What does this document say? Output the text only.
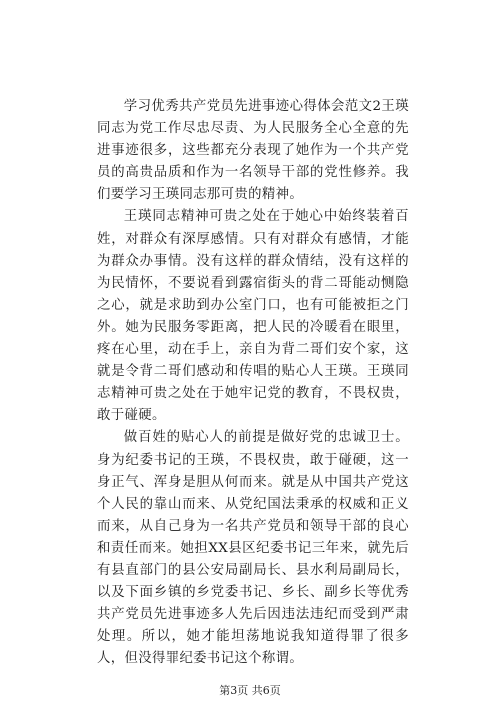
学习优秀共产党员先进事迹心得体会范文2王瑛同志为党工作尽忠尽责、为人民服务全心全意的先进事迹很多，这些都充分表现了她作为一个共产党员的高贵品质和作为一名领导干部的党性修养。我们要学习王瑛同志那可贵的精神。

王瑛同志精神可贵之处在于她心中始终装着百姓，对群众有深厚感情。只有对群众有感情，才能为群众办事情。没有这样的群众情结，没有这样的为民情怀，不要说看到露宿街头的背二哥能动恻隐之心，就是求助到办公室门口，也有可能被拒之门外。她为民服务零距离，把人民的冷暖看在眼里，疼在心里，动在手上，亲自为背二哥们安个家，这就是令背二哥们感动和传唱的贴心人王瑛。王瑛同志精神可贵之处在于她牢记党的教育，不畏权贵，敢于碰硬。

做百姓的贴心人的前提是做好党的忠诚卫士。身为纪委书记的王瑛，不畏权贵，敢于碰硬，这一身正气、浑身是胆从何而来。就是从中国共产党这个人民的靠山而来、从党纪国法秉承的权威和正义而来，从自己身为一名共产党员和领导干部的良心和责任而来。她担XX县区纪委书记三年来，就先后有县直部门的县公安局副局长、县水利局副局长，以及下面乡镇的乡党委书记、乡长、副乡长等优秀共产党员先进事迹多人先后因违法违纪而受到严肃处理。所以，她才能坦荡地说我知道得罪了很多人，但没得罪纪委书记这个称谓。

第3页 共6页
